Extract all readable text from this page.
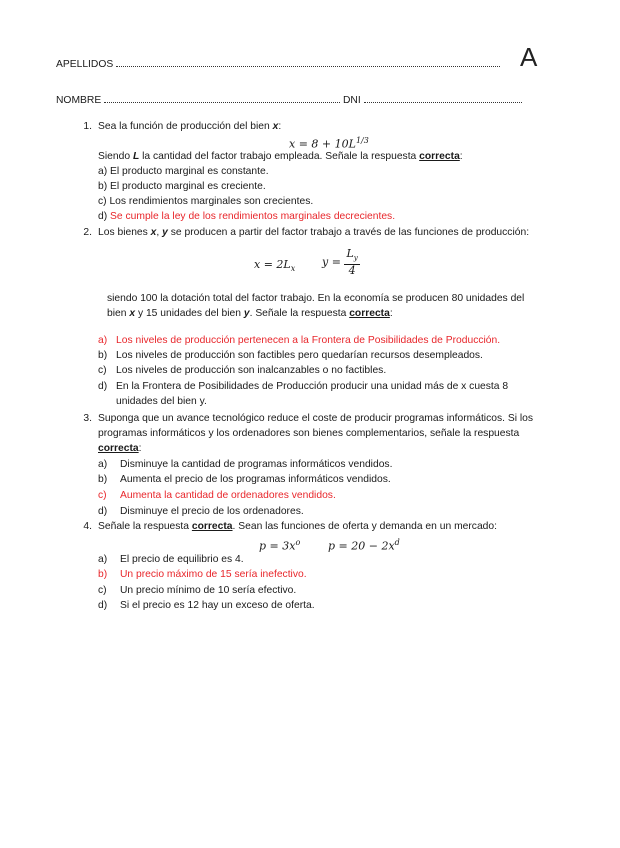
APELLIDOS	A
NOMBRE	DNI
1. Sea la función de producción del bien x:
$x = 8 + 10L^{1/3}$
Siendo L la cantidad del factor trabajo empleada. Señale la respuesta correcta:
a) El producto marginal es constante.
b) El producto marginal es creciente.
c) Los rendimientos marginales son crecientes.
d) Se cumple la ley de los rendimientos marginales decrecientes.
2. Los bienes x, y se producen a partir del factor trabajo a través de las funciones de producción:
$x = 2L_x$
$y = \frac{L_y}{4}$
siendo 100 la dotación total del factor trabajo. En la economía se producen 80 unidades del
bien x y 15 unidades del bien y. Señale la respuesta correcta:
a) Los niveles de producción pertenecen a la Frontera de Posibilidades de Producción.
b) Los niveles de producción son factibles pero quedarían recursos desempleados.
c) Los niveles de producción son inalcanzables o no factibles.
d) En la Frontera de Posibilidades de Producción producir una unidad más de x cuesta 8
unidades del bien y.
3. Suponga que un avance tecnológico reduce el coste de producir programas informáticos. Si los
programas informáticos y los ordenadores son bienes complementarios, señale la respuesta
correcta:
a) Disminuye la cantidad de programas informáticos vendidos.
b) Aumenta el precio de los programas informáticos vendidos.
c) Aumenta la cantidad de ordenadores vendidos.
d) Disminuye el precio de los ordenadores.
4. Señale la respuesta correcta. Sean las funciones de oferta y demanda en un mercado:
$p = 3x^o$	$p = 20 - 2x^d$
a) El precio de equilibrio es 4.
b) Un precio máximo de 15 sería inefectivo.
c) Un precio mínimo de 10 sería efectivo.
d) Si el precio es 12 hay un exceso de oferta.
